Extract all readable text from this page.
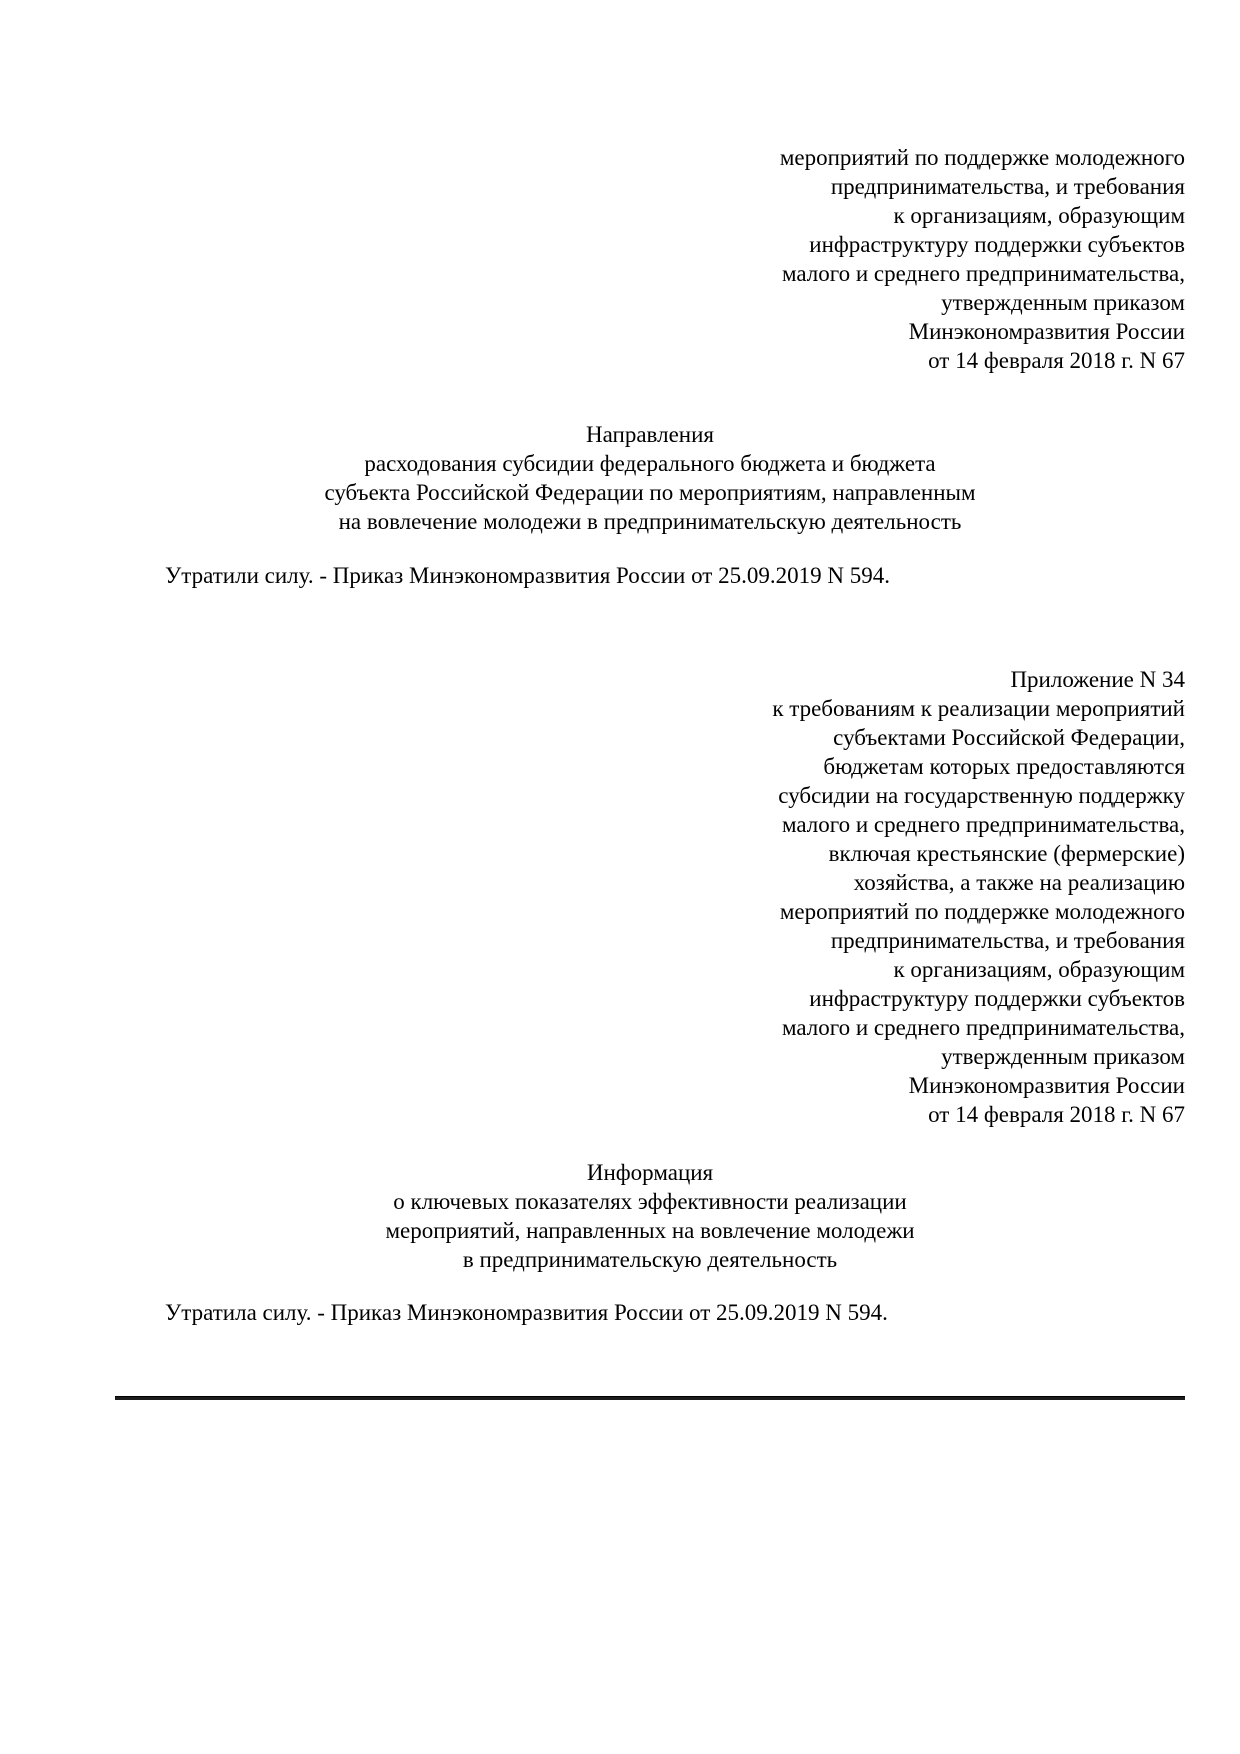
мероприятий по поддержке молодежного
предпринимательства, и требования
к организациям, образующим
инфраструктуру поддержки субъектов
малого и среднего предпринимательства,
утвержденным приказом
Минэкономразвития России
от 14 февраля 2018 г. N 67
Направления
расходования субсидии федерального бюджета и бюджета
субъекта Российской Федерации по мероприятиям, направленным
на вовлечение молодежи в предпринимательскую деятельность
Утратили силу. - Приказ Минэкономразвития России от 25.09.2019 N 594.
Приложение N 34
к требованиям к реализации мероприятий
субъектами Российской Федерации,
бюджетам которых предоставляются
субсидии на государственную поддержку
малого и среднего предпринимательства,
включая крестьянские (фермерские)
хозяйства, а также на реализацию
мероприятий по поддержке молодежного
предпринимательства, и требования
к организациям, образующим
инфраструктуру поддержки субъектов
малого и среднего предпринимательства,
утвержденным приказом
Минэкономразвития России
от 14 февраля 2018 г. N 67
Информация
о ключевых показателях эффективности реализации
мероприятий, направленных на вовлечение молодежи
в предпринимательскую деятельность
Утратила силу. - Приказ Минэкономразвития России от 25.09.2019 N 594.
